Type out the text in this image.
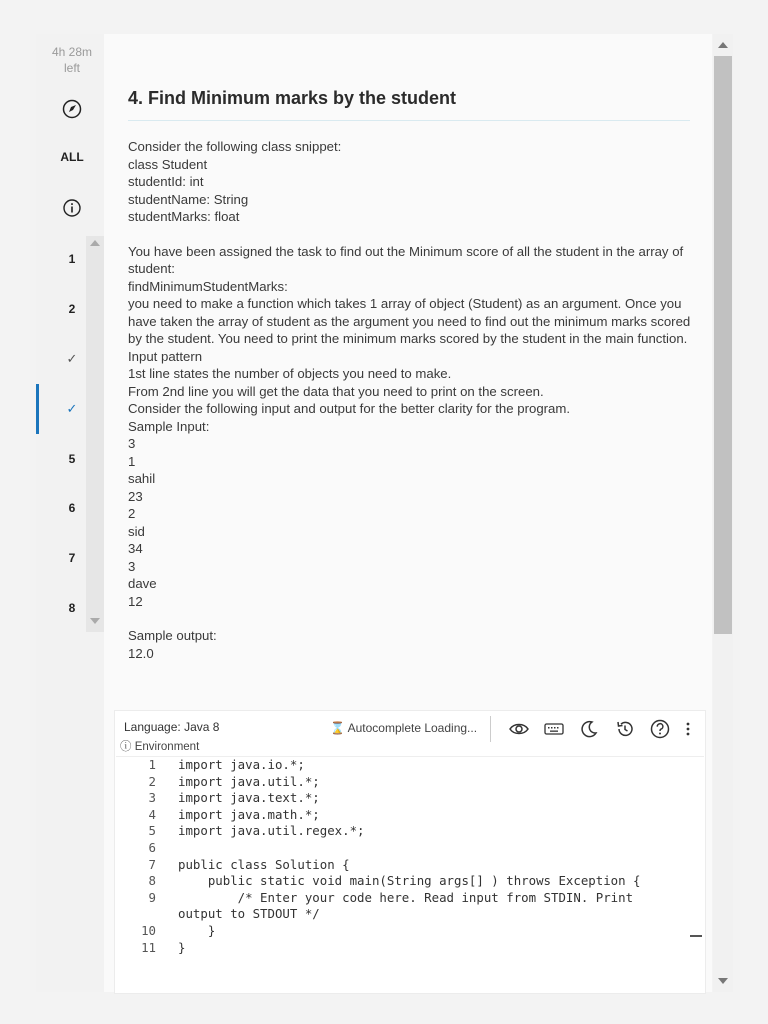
4h 28m
left
ALL
1
2
✓
✓
5
6
7
8
4. Find Minimum marks by the student
Consider the following class snippet:
class Student
studentId: int
studentName: String
studentMarks: float
You have been assigned the task to find out the Minimum score of all the student in the array of student:
findMinimumStudentMarks:
you need to make a function which takes 1 array of object (Student) as an argument. Once you have taken the array of student as the argument you need to find out the minimum marks scored by the student. You need to print the minimum marks scored by the student in the main function.
Input pattern
1st line states the number of objects you need to make.
From 2nd line you will get the data that you need to print on the screen.
Consider the following input and output for the better clarity for the program.
Sample Input:
3
1
sahil
23
2
sid
34
3
dave
12
Sample output:
12.0
Language: Java 8
ⓘ Environment
⌛ Autocomplete Loading...
1 import java.io.*;
2 import java.util.*;
3 import java.text.*;
4 import java.math.*;
5 import java.util.regex.*;
6
7 public class Solution {
8 public static void main(String args[] ) throws Exception {
9 /* Enter your code here. Read input from STDIN. Print
output to STDOUT */
10 }
11 }
